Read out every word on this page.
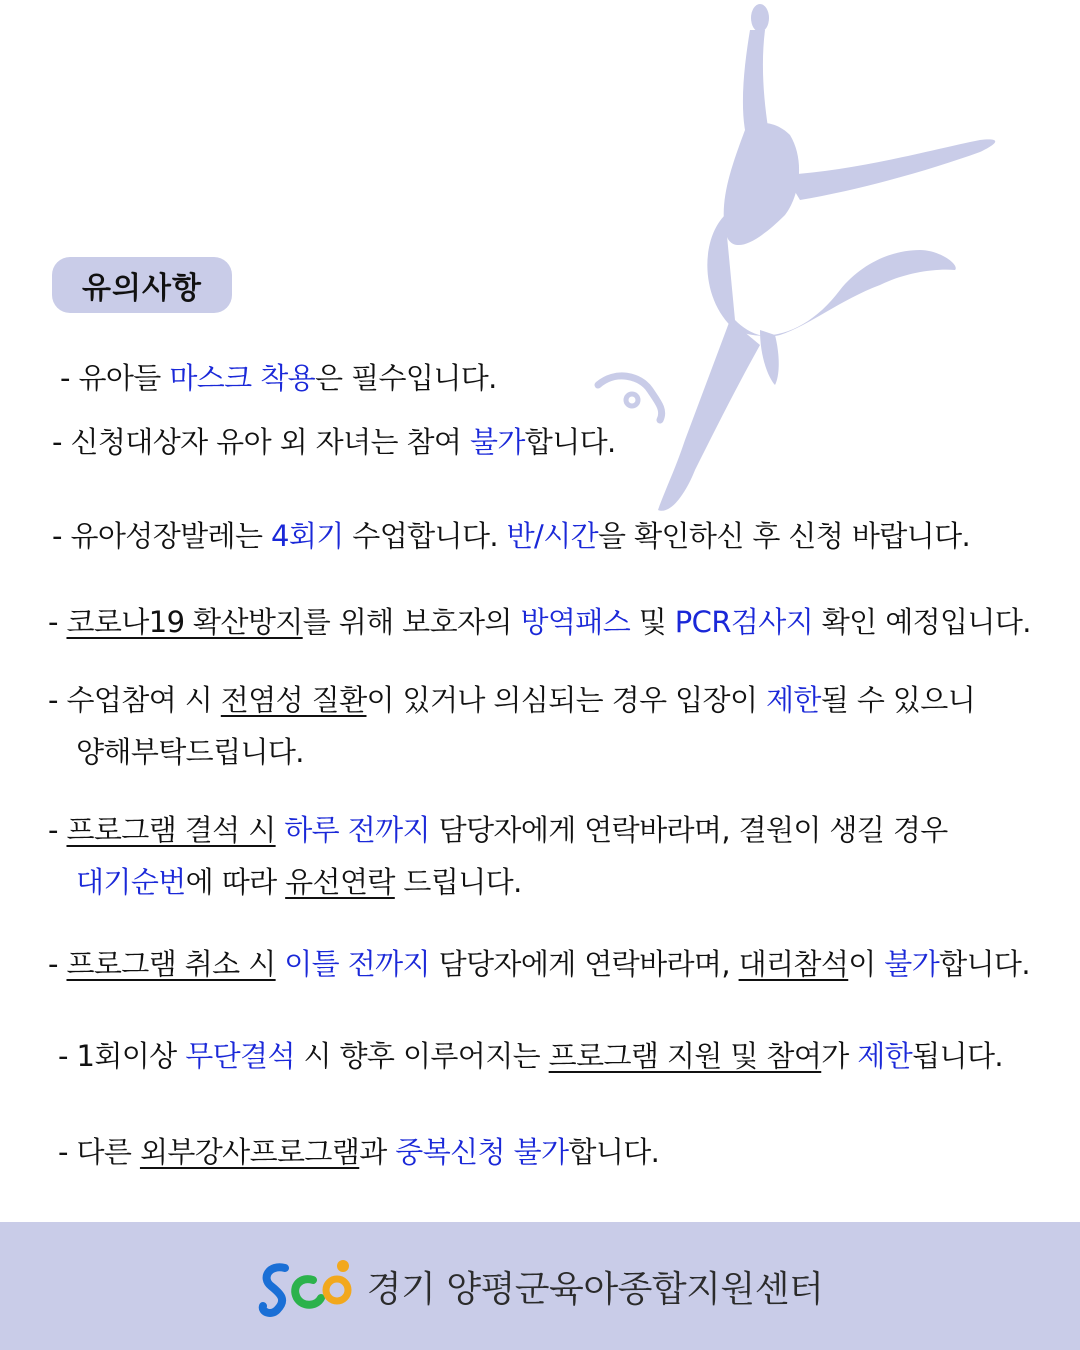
유의사항
- 유아들 마스크 착용은 필수입니다.
- 신청대상자 유아 외 자녀는 참여 불가합니다.
- 유아성장발레는 4회기 수업합니다. 반/시간을 확인하신 후 신청 바랍니다.
- 코로나19 확산방지를 위해 보호자의 방역패스 및 PCR검사지 확인 예정입니다.
- 수업참여 시 전염성 질환이 있거나 의심되는 경우 입장이 제한될 수 있으니
양해부탁드립니다.
- 프로그램 결석 시 하루 전까지 담당자에게 연락바라며, 결원이 생길 경우
대기순번에 따라 유선연락 드립니다.
- 프로그램 취소 시 이틀 전까지 담당자에게 연락바라며, 대리참석이 불가합니다.
- 1회이상 무단결석 시 향후 이루어지는 프로그램 지원 및 참여가 제한됩니다.
- 다른 외부강사프로그램과 중복신청 불가합니다.
경기 양평군육아종합지원센터
